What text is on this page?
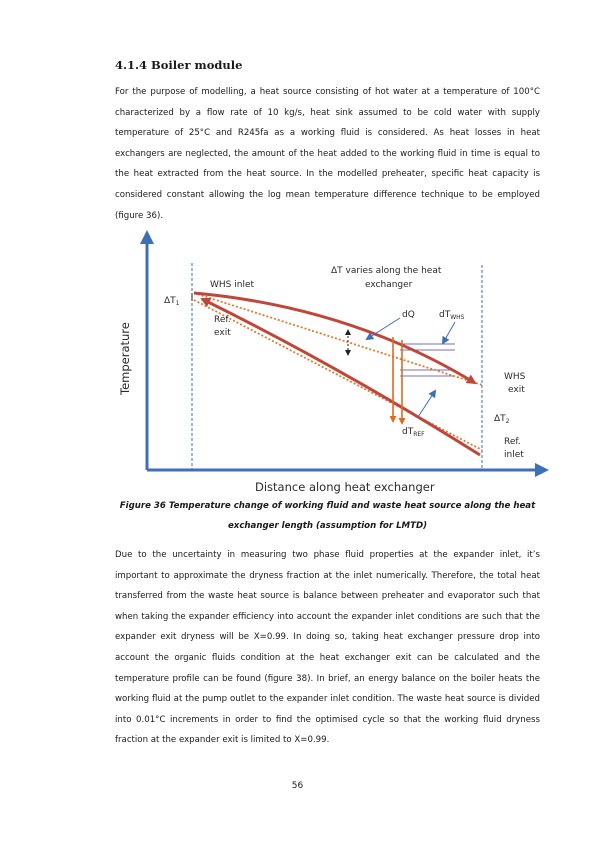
4.1.4 Boiler module

For the purpose of modelling, a heat source consisting of hot water at a temperature of 100°C characterized by a flow rate of 10 kg/s, heat sink assumed to be cold water with supply temperature of 25°C and R245fa as a working fluid is considered. As heat losses in heat exchangers are neglected, the amount of the heat added to the working fluid in time is equal to the heat extracted from the heat source. In the modelled preheater, specific heat capacity is considered constant allowing the log mean temperature difference technique to be employed (figure 36).

Temperature
Distance along heat exchanger
WHS inlet
Ref.
exit
$\Delta T_1$
ΔT varies along the heat
exchanger
dQ	$dT_{WHS}$
$dT_{REF}$
WHS
exit
$\Delta T_2$
Ref.
inlet

Figure 36 Temperature change of working fluid and waste heat source along the heat
exchanger length (assumption for LMTD)

Due to the uncertainty in measuring two phase fluid properties at the expander inlet, it’s important to approximate the dryness fraction at the inlet numerically. Therefore, the total heat transferred from the waste heat source is balance between preheater and evaporator such that when taking the expander efficiency into account the expander inlet conditions are such that the expander exit dryness will be X=0.99. In doing so, taking heat exchanger pressure drop into account the organic fluids condition at the heat exchanger exit can be calculated and the temperature profile can be found (figure 38). In brief, an energy balance on the boiler heats the working fluid at the pump outlet to the expander inlet condition. The waste heat source is divided into 0.01°C increments in order to find the optimised cycle so that the working fluid dryness fraction at the expander exit is limited to X=0.99.

56
